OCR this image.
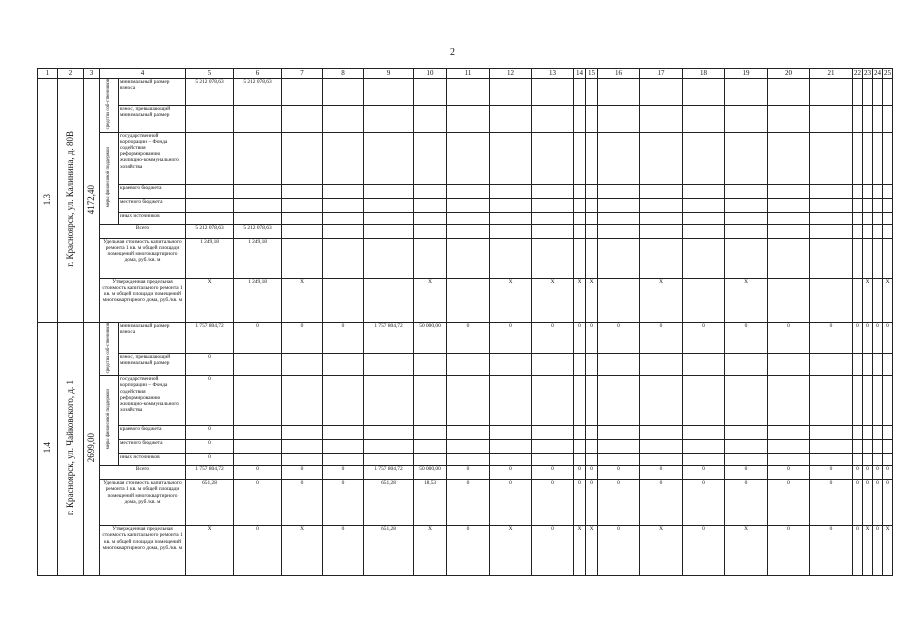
2
1	2	3	4		5	6	7	8	9	10	11	12	13	14	15	16	17	18	19	20	21	22	23	24	25
1.3	г. Красноярск, ул. Калинина, д. 80В	4172,40	средства соб-ственников	минимальный размер взноса	5 212 078,63	5 212 078,63																			
				взнос, превышающий минимальный размер																					
			меры финансовой поддержки	государственной корпорации – Фонда содействия реформированию жилищно-коммунального хозяйства																					
				краевого бюджета																					
				местного бюджета																					
				иных источников																					
			Всего		5 212 078,63	5 212 078,63																			
			Удельная стоимость капитального ремонта 1 кв. м общей площади помещений многоквартирного дома, руб./кв. м		1 249,18	1 249,18																			
			Утвержденная предельная стоимость капитального ремонта 1 кв. м общей площади помещений многоквартирного дома, руб./кв. м		Х	1 249,18	Х			Х		Х	Х	Х	Х		Х		Х				Х		Х
1.4	г. Красноярск, ул. Чайковского, д. 1	2699,00	средства соб-ственников	минимальный размер взноса	1 757 804,72	0	0	0	1 757 804,72	50 000,00	0	0	0	0	0	0	0	0	0	0	0	0	0	0	0
				взнос, превышающий минимальный размер	0																				
			меры финансовой поддержки	государственной корпорации – Фонда содействия реформированию жилищно-коммунального хозяйства	0																				
				краевого бюджета	0																				
				местного бюджета	0																				
				иных источников	0																				
			Всего		1 757 804,72	0	0	0	1 757 804,72	50 000,00	0	0	0	0	0	0	0	0	0	0	0	0	0	0	0
			Удельная стоимость капитального ремонта 1 кв. м общей площади помещений многоквартирного дома, руб./кв. м		651,28	0	0	0	651,28	18,53	0	0	0	0	0	0	0	0	0	0	0	0	0	0	0
			Утвержденная предельная стоимость капитального ремонта 1 кв. м общей площади помещений многоквартирного дома, руб./кв. м		Х	0	Х	0	651,28	Х	0	Х	0	Х	Х	0	Х	0	Х	0	0	0	Х	0	Х
